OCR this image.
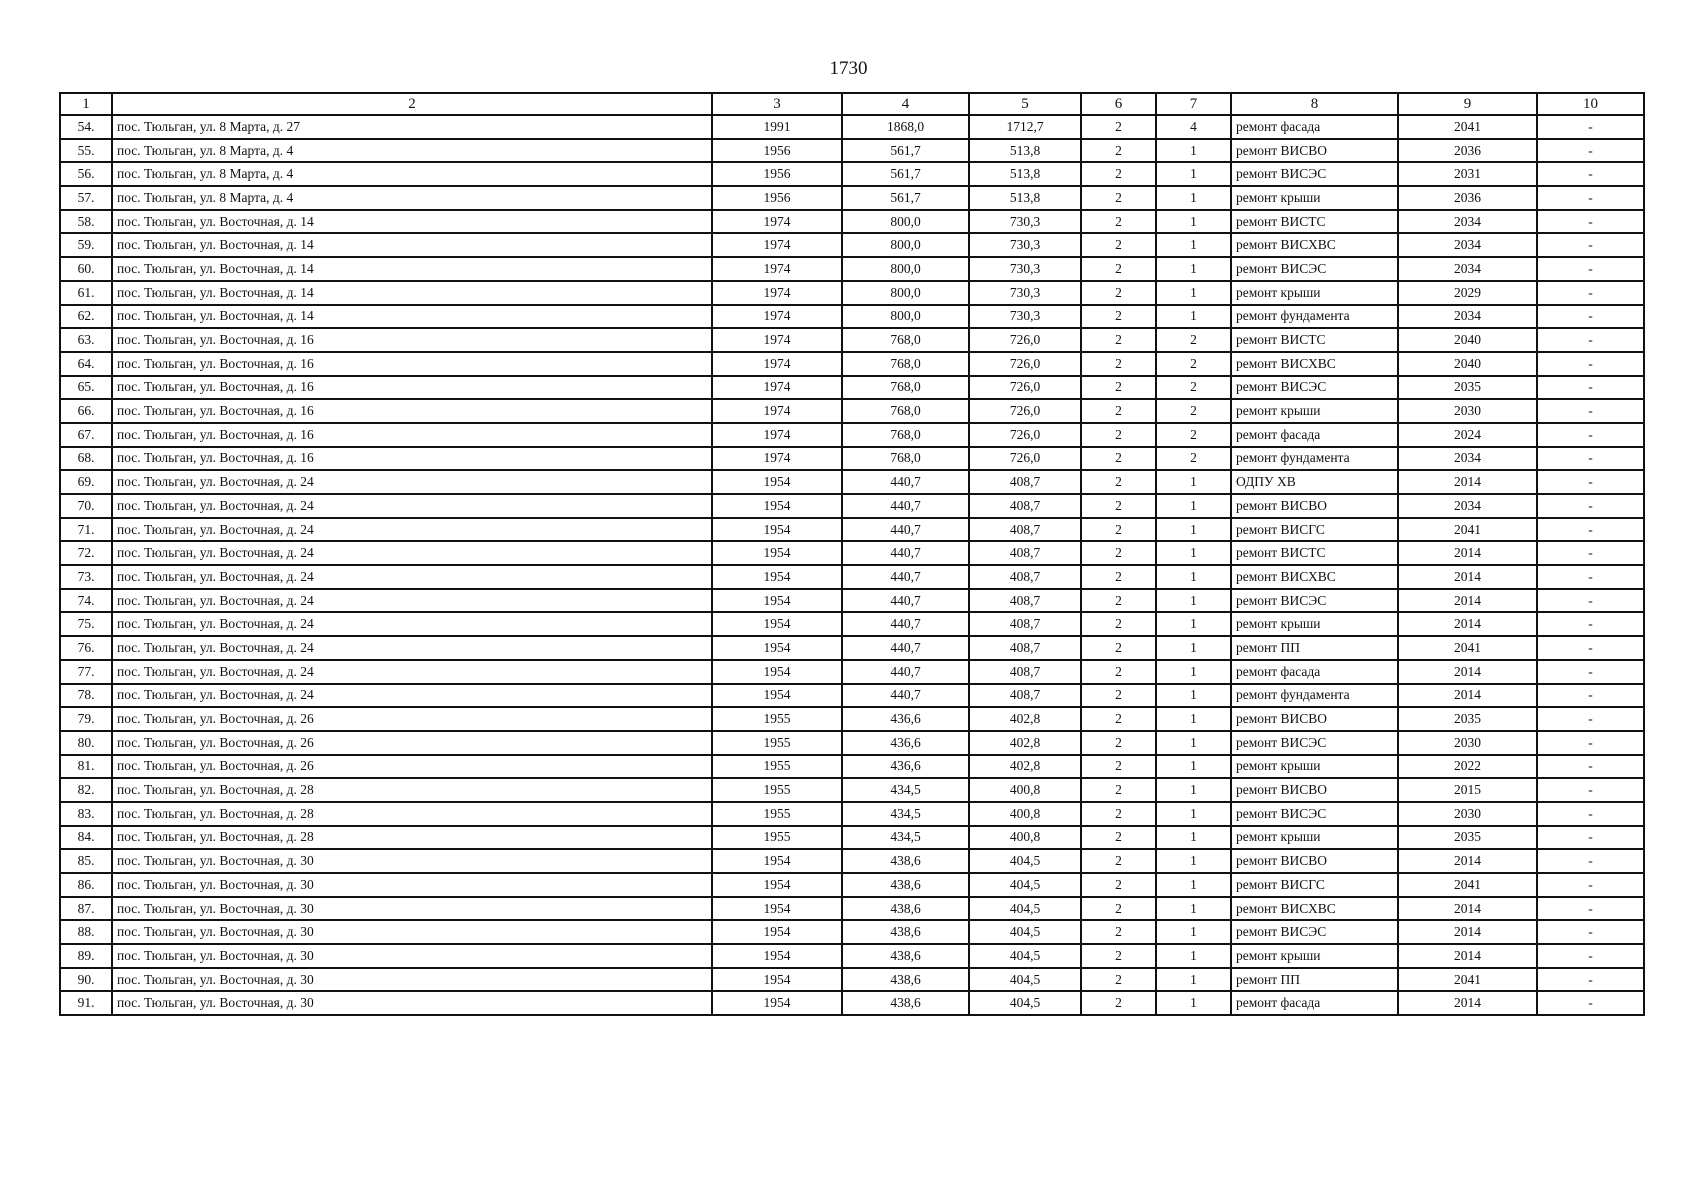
1730
1	2	3	4	5	6	7	8	9	10
54.	пос. Тюльган, ул. 8 Марта, д. 27	1991	1868,0	1712,7	2	4	ремонт фасада	2041	-
55.	пос. Тюльган, ул. 8 Марта, д. 4	1956	561,7	513,8	2	1	ремонт ВИСВО	2036	-
56.	пос. Тюльган, ул. 8 Марта, д. 4	1956	561,7	513,8	2	1	ремонт ВИСЭС	2031	-
57.	пос. Тюльган, ул. 8 Марта, д. 4	1956	561,7	513,8	2	1	ремонт крыши	2036	-
58.	пос. Тюльган, ул. Восточная, д. 14	1974	800,0	730,3	2	1	ремонт ВИСТС	2034	-
59.	пос. Тюльган, ул. Восточная, д. 14	1974	800,0	730,3	2	1	ремонт ВИСХВС	2034	-
60.	пос. Тюльган, ул. Восточная, д. 14	1974	800,0	730,3	2	1	ремонт ВИСЭС	2034	-
61.	пос. Тюльган, ул. Восточная, д. 14	1974	800,0	730,3	2	1	ремонт крыши	2029	-
62.	пос. Тюльган, ул. Восточная, д. 14	1974	800,0	730,3	2	1	ремонт фундамента	2034	-
63.	пос. Тюльган, ул. Восточная, д. 16	1974	768,0	726,0	2	2	ремонт ВИСТС	2040	-
64.	пос. Тюльган, ул. Восточная, д. 16	1974	768,0	726,0	2	2	ремонт ВИСХВС	2040	-
65.	пос. Тюльган, ул. Восточная, д. 16	1974	768,0	726,0	2	2	ремонт ВИСЭС	2035	-
66.	пос. Тюльган, ул. Восточная, д. 16	1974	768,0	726,0	2	2	ремонт крыши	2030	-
67.	пос. Тюльган, ул. Восточная, д. 16	1974	768,0	726,0	2	2	ремонт фасада	2024	-
68.	пос. Тюльган, ул. Восточная, д. 16	1974	768,0	726,0	2	2	ремонт фундамента	2034	-
69.	пос. Тюльган, ул. Восточная, д. 24	1954	440,7	408,7	2	1	ОДПУ ХВ	2014	-
70.	пос. Тюльган, ул. Восточная, д. 24	1954	440,7	408,7	2	1	ремонт ВИСВО	2034	-
71.	пос. Тюльган, ул. Восточная, д. 24	1954	440,7	408,7	2	1	ремонт ВИСГС	2041	-
72.	пос. Тюльган, ул. Восточная, д. 24	1954	440,7	408,7	2	1	ремонт ВИСТС	2014	-
73.	пос. Тюльган, ул. Восточная, д. 24	1954	440,7	408,7	2	1	ремонт ВИСХВС	2014	-
74.	пос. Тюльган, ул. Восточная, д. 24	1954	440,7	408,7	2	1	ремонт ВИСЭС	2014	-
75.	пос. Тюльган, ул. Восточная, д. 24	1954	440,7	408,7	2	1	ремонт крыши	2014	-
76.	пос. Тюльган, ул. Восточная, д. 24	1954	440,7	408,7	2	1	ремонт ПП	2041	-
77.	пос. Тюльган, ул. Восточная, д. 24	1954	440,7	408,7	2	1	ремонт фасада	2014	-
78.	пос. Тюльган, ул. Восточная, д. 24	1954	440,7	408,7	2	1	ремонт фундамента	2014	-
79.	пос. Тюльган, ул. Восточная, д. 26	1955	436,6	402,8	2	1	ремонт ВИСВО	2035	-
80.	пос. Тюльган, ул. Восточная, д. 26	1955	436,6	402,8	2	1	ремонт ВИСЭС	2030	-
81.	пос. Тюльган, ул. Восточная, д. 26	1955	436,6	402,8	2	1	ремонт крыши	2022	-
82.	пос. Тюльган, ул. Восточная, д. 28	1955	434,5	400,8	2	1	ремонт ВИСВО	2015	-
83.	пос. Тюльган, ул. Восточная, д. 28	1955	434,5	400,8	2	1	ремонт ВИСЭС	2030	-
84.	пос. Тюльган, ул. Восточная, д. 28	1955	434,5	400,8	2	1	ремонт крыши	2035	-
85.	пос. Тюльган, ул. Восточная, д. 30	1954	438,6	404,5	2	1	ремонт ВИСВО	2014	-
86.	пос. Тюльган, ул. Восточная, д. 30	1954	438,6	404,5	2	1	ремонт ВИСГС	2041	-
87.	пос. Тюльган, ул. Восточная, д. 30	1954	438,6	404,5	2	1	ремонт ВИСХВС	2014	-
88.	пос. Тюльган, ул. Восточная, д. 30	1954	438,6	404,5	2	1	ремонт ВИСЭС	2014	-
89.	пос. Тюльган, ул. Восточная, д. 30	1954	438,6	404,5	2	1	ремонт крыши	2014	-
90.	пос. Тюльган, ул. Восточная, д. 30	1954	438,6	404,5	2	1	ремонт ПП	2041	-
91.	пос. Тюльган, ул. Восточная, д. 30	1954	438,6	404,5	2	1	ремонт фасада	2014	-
